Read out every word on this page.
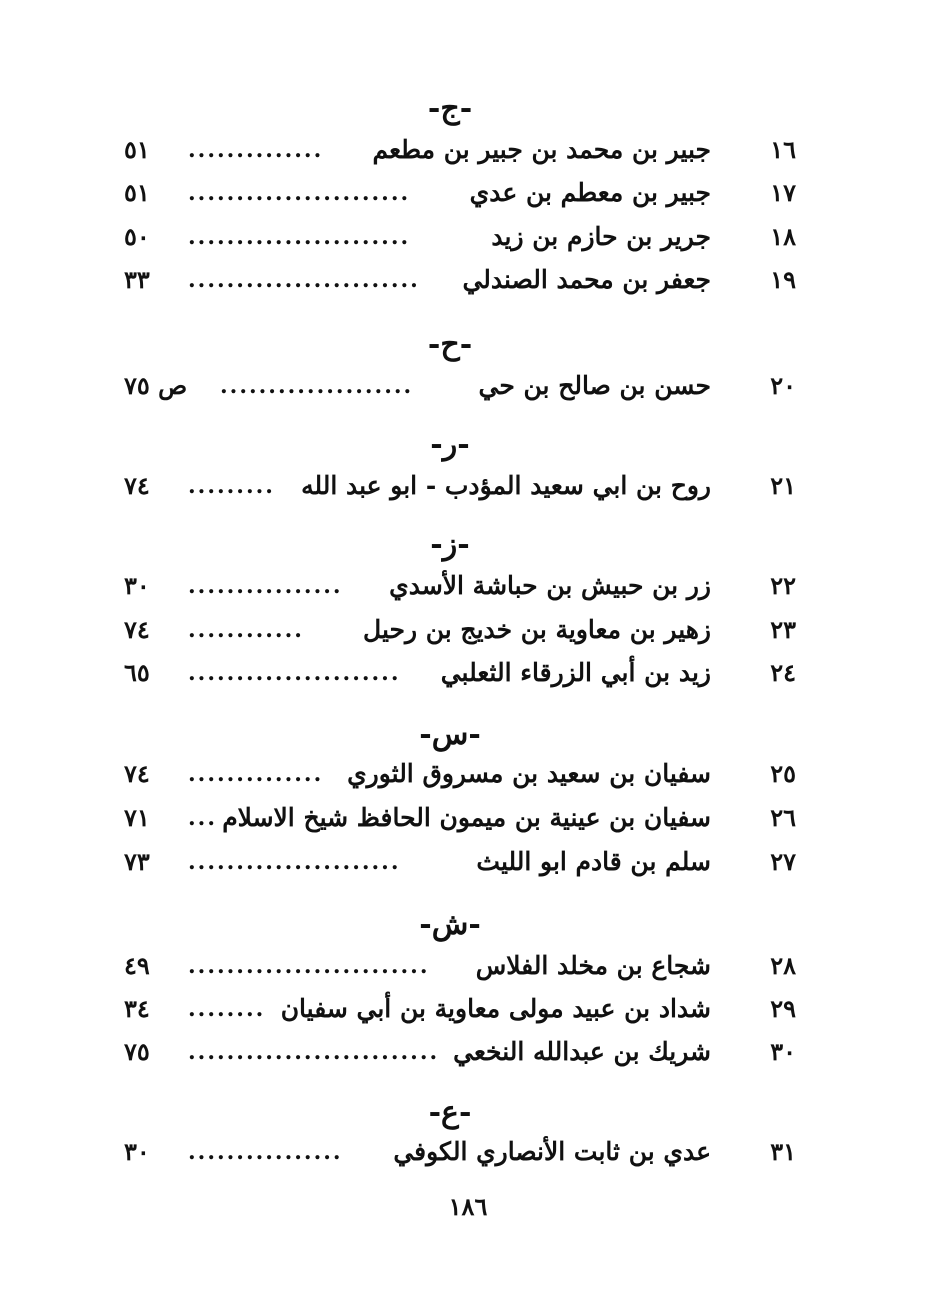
-ج-
١٦
جبير بن محمد بن جبير بن مطعم
..............
٥١
١٧
جبير بن معطم بن عدي
.......................
٥١
١٨
جرير بن حازم بن زيد
.......................
٥٠
١٩
جعفر بن محمد الصندلي
........................
٣٣
-ح-
٢٠
حسن بن صالح بن حي
....................
ص ٧٥
-ر-
٢١
روح بن ابي سعيد المؤدب - ابو عبد الله
.........
٧٤
-ز-
٢٢
زر بن حبيش بن حباشة الأسدي
................
٣٠
٢٣
زهير بن معاوية بن خديج بن رحيل
............
٧٤
٢٤
زيد بن أبي الزرقاء الثعلبي
......................
٦٥
-س-
٢٥
سفيان بن سعيد بن مسروق الثوري
..............
٧٤
٢٦
سفيان بن عينية بن ميمون الحافظ شيخ الاسلام
...
٧١
٢٧
سلم بن قادم ابو الليث
......................
٧٣
-ش-
٢٨
شجاع بن مخلد الفلاس
.........................
٤٩
٢٩
شداد بن عبيد مولى معاوية بن أبي سفيان
........
٣٤
٣٠
شريك بن عبدالله النخعي
..........................
٧٥
-ع-
٣١
عدي بن ثابت الأنصاري الكوفي
................
٣٠
١٨٦
